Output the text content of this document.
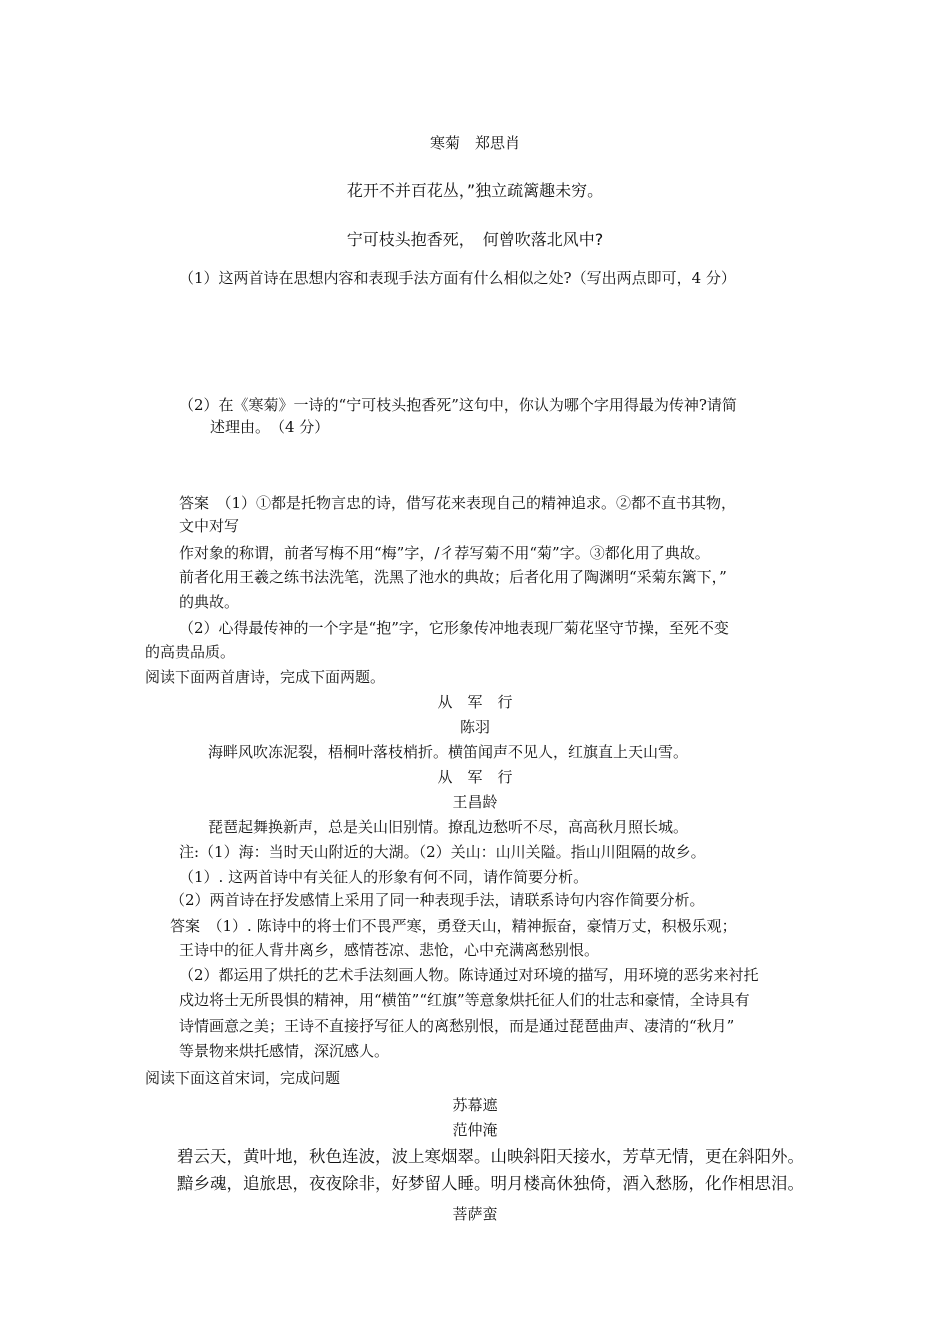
寒菊　郑思肖
花开不并百花丛，”独立疏篱趣未穷。
宁可枝头抱香死，　何曾吹落北风中?
（1）这两首诗在思想内容和表现手法方面有什么相似之处?（写出两点即可，4 分）
（2）在《寒菊》一诗的“宁可枝头抱香死”这句中，你认为哪个字用得最为传神?请简
述理由。　（4 分）
答案　（1）①都是托物言忠的诗，借写花来表现自己的精神追求。②都不直书其物，
文中对写
作对象的称谓，前者写梅不用“梅”字，/彳荐写菊不用“菊”字。③都化用了典故。
前者化用王羲之练书法洗笔，洗黑了池水的典故；后者化用了陶渊明“采菊东篱下，”
的典故。
（2）心得最传神的一个字是“抱”字，它形象传冲地表现厂菊花坚守节操，至死不变
的高贵品质。
阅读下面两首唐诗，完成下面两题。
从　军　行
陈羽
海畔风吹冻泥裂，梧桐叶落枝梢折。横笛闻声不见人，红旗直上天山雪。
从　军　行
王昌龄
琵琶起舞换新声，总是关山旧别情。撩乱边愁听不尽，高高秋月照长城。
注:（1）海：当时天山附近的大湖。（2）关山：山川关隘。指山川阻隔的故乡。
（1）. 这两首诗中有关征人的形象有何不同，请作简要分析。
（2）两首诗在抒发感情上采用了同一种表现手法，请联系诗句内容作简要分析。
答案　（1）. 陈诗中的将士们不畏严寒，勇登天山，精神振奋，豪情万丈，积极乐观；
王诗中的征人背井离乡，感情苍凉、悲怆，心中充满离愁别恨。
（2）都运用了烘托的艺术手法刻画人物。陈诗通过对环境的描写，用环境的恶劣来衬托
戍边将士无所畏惧的精神，用“横笛”“红旗”等意象烘托征人们的壮志和豪情，全诗具有
诗情画意之美；王诗不直接抒写征人的离愁别恨，而是通过琵琶曲声、凄清的“秋月”
等景物来烘托感情，深沉感人。
阅读下面这首宋词，完成问题
苏幕遮
范仲淹
碧云天，黄叶地，秋色连波，波上寒烟翠。山映斜阳天接水，芳草无情，更在斜阳外。
黯乡魂，追旅思，夜夜除非，好梦留人睡。明月楼高休独倚，酒入愁肠，化作相思泪。
菩萨蛮
